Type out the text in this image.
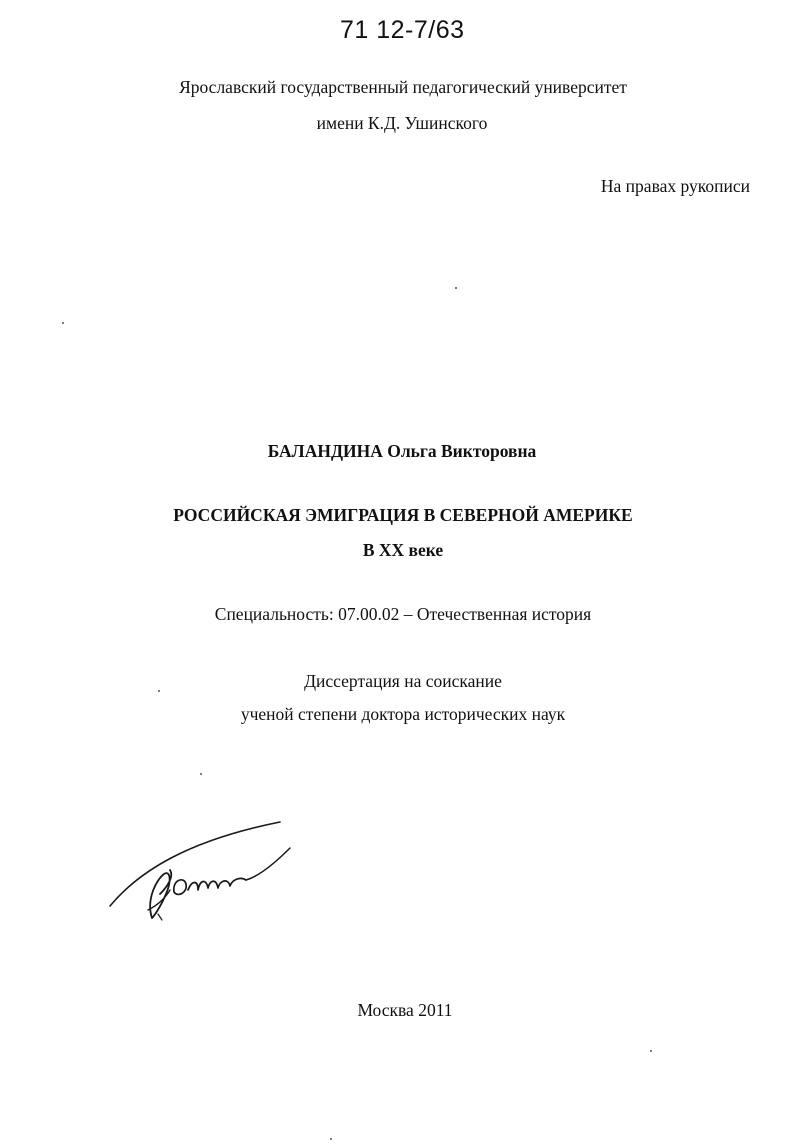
71 12-7/63
Ярославский государственный педагогический университет
имени К.Д. Ушинского
На правах рукописи
БАЛАНДИНА Ольга Викторовна
РОССИЙСКАЯ ЭМИГРАЦИЯ В СЕВЕРНОЙ АМЕРИКЕ
В XX веке
Специальность: 07.00.02 – Отечественная история
Диссертация на соискание
ученой степени доктора исторических наук
Москва 2011
